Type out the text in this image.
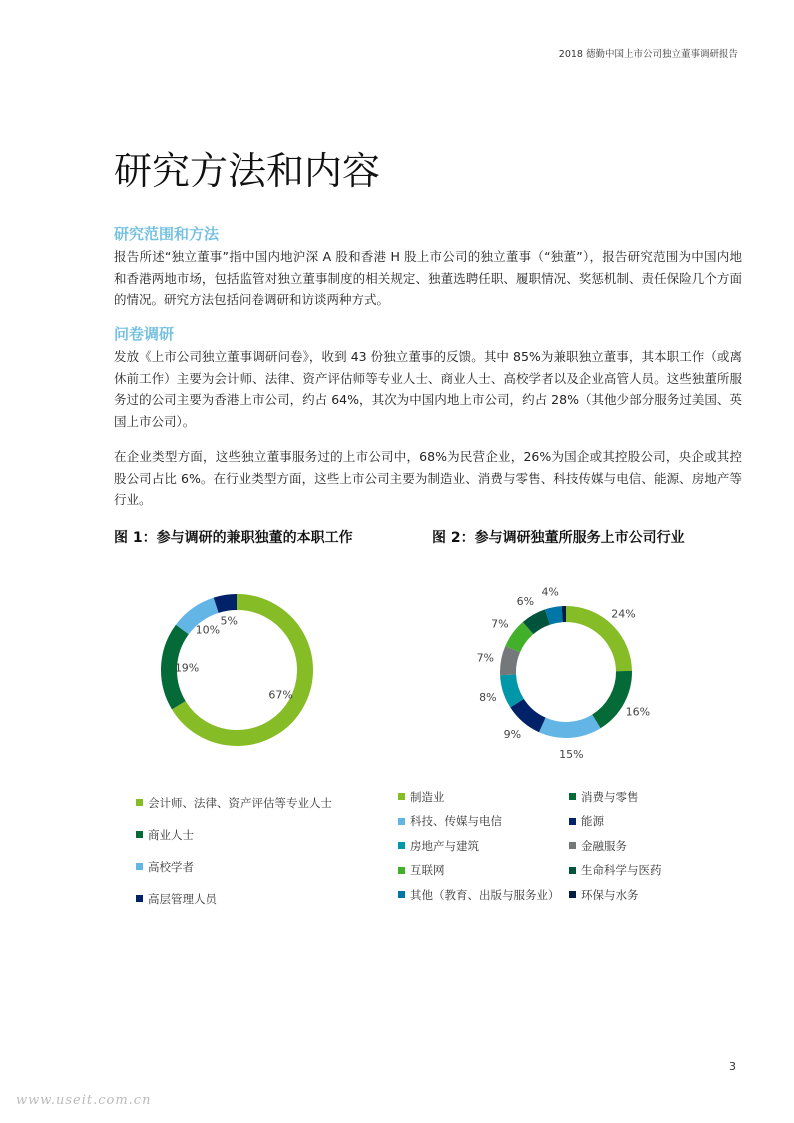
2018 德勤中国上市公司独立董事调研报告
研究方法和内容
研究范围和方法

报告所述“独立董事”指中国内地沪深 A 股和香港 H 股上市公司的独立董事（“独董”），报告研究范围为中国内地和香港两地市场，包括监管对独立董事制度的相关规定、独董选聘任职、履职情况、奖惩机制、责任保险几个方面的情况。研究方法包括问卷调研和访谈两种方式。

问卷调研

发放《上市公司独立董事调研问卷》，收到 43 份独立董事的反馈。其中 85%为兼职独立董事，其本职工作（或离休前工作）主要为会计师、法律、资产评估师等专业人士、商业人士、高校学者以及企业高管人员。这些独董所服务过的公司主要为香港上市公司，约占 64%，其次为中国内地上市公司，约占 28%（其他少部分服务过美国、英国上市公司）。

在企业类型方面，这些独立董事服务过的上市公司中，68%为民营企业，26%为国企或其控股公司，央企或其控股公司占比 6%。在行业类型方面，这些上市公司主要为制造业、消费与零售、科技传媒与电信、能源、房地产等行业。

图 1：参与调研的兼职独董的本职工作	图 2：参与调研独董所服务上市公司行业
67%
19%
10%
5%
24%
16%
15%
9%
8%
7%
7%
6%
4%
会计师、法律、资产评估等专业人士
商业人士
高校学者
高层管理人员
制造业	消费与零售
科技、传媒与电信	能源
房地产与建筑	金融服务
互联网	生命科学与医药
其他（教育、出版与服务业） 环保与水务
3
www.useit.com.cn
